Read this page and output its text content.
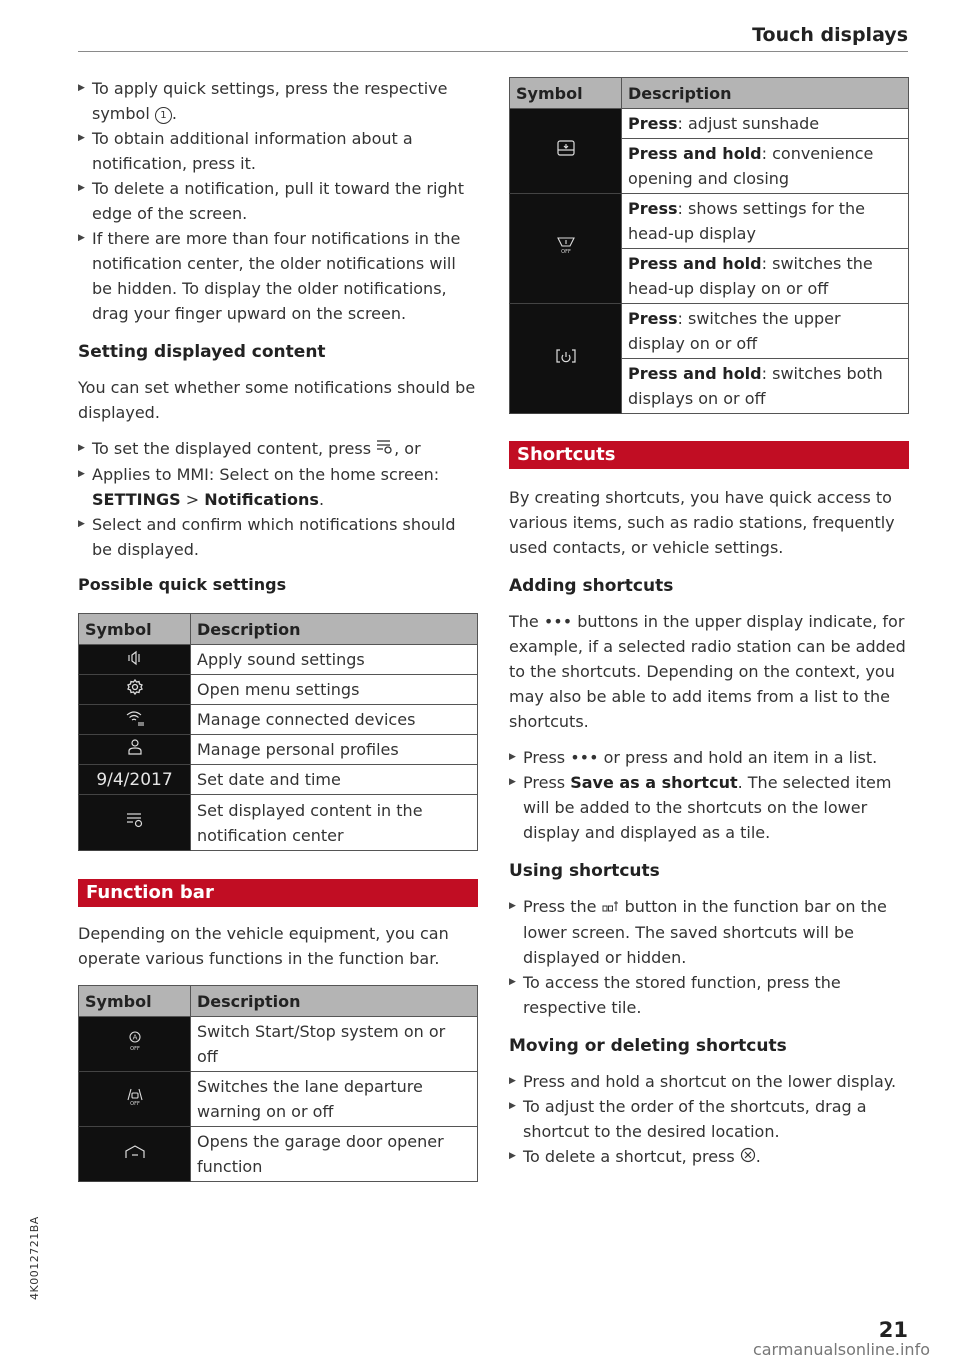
Touch displays
▶ To apply quick settings, press the respective symbol 1 .
▶ To obtain additional information about a notification, press it.
▶ To delete a notification, pull it toward the right edge of the screen.
▶ If there are more than four notifications in the notification center, the older notifications will be hidden. To display the older notifications, drag your finger upward on the screen.
Setting displayed content
You can set whether some notifications should be displayed.
▶ To set the displayed content, press , or
▶ Applies to MMI: Select on the home screen:
SETTINGS > Notifications.
▶ Select and confirm which notifications should be displayed.
Possible quick settings
Symbol	Description
	Apply sound settings
	Open menu settings
	Manage connected devices
	Manage personal profiles
9/4/2017	Set date and time
	Set displayed content in the notification center
Function bar
Depending on the vehicle equipment, you can operate various functions in the function bar.
Symbol	Description

A
OFF	Switch Start/Stop system on or off

OFF	Switches the lane departure warning on or off
	Opens the garage door opener function
Symbol	Description
	Press: adjust sunshade
	Press and hold: convenience opening and closing

OFF	Press: shows settings for the head-up display
	Press and hold: switches the head-up display on or off
	Press: switches the upper display on or off
	Press and hold: switches both displays on or off
Shortcuts
By creating shortcuts, you have quick access to various items, such as radio stations, frequently used contacts, or vehicle settings.
Adding shortcuts
The ••• buttons in the upper display indicate, for example, if a selected radio station can be added to the shortcuts. Depending on the context, you may also be able to add items from a list to the shortcuts.
▶ Press ••• or press and hold an item in a list.
▶ Press Save as a shortcut. The selected item will be added to the shortcuts on the lower display and displayed as a tile.
Using shortcuts
▶ Press the  button in the function bar on the lower screen. The saved shortcuts will be displayed or hidden.
▶ To access the stored function, press the respective tile.
Moving or deleting shortcuts
▶ Press and hold a shortcut on the lower display.
▶ To adjust the order of the shortcuts, drag a shortcut to the desired location.
▶ To delete a shortcut, press .
21
4K0012721BA
carmanualsonline.info
